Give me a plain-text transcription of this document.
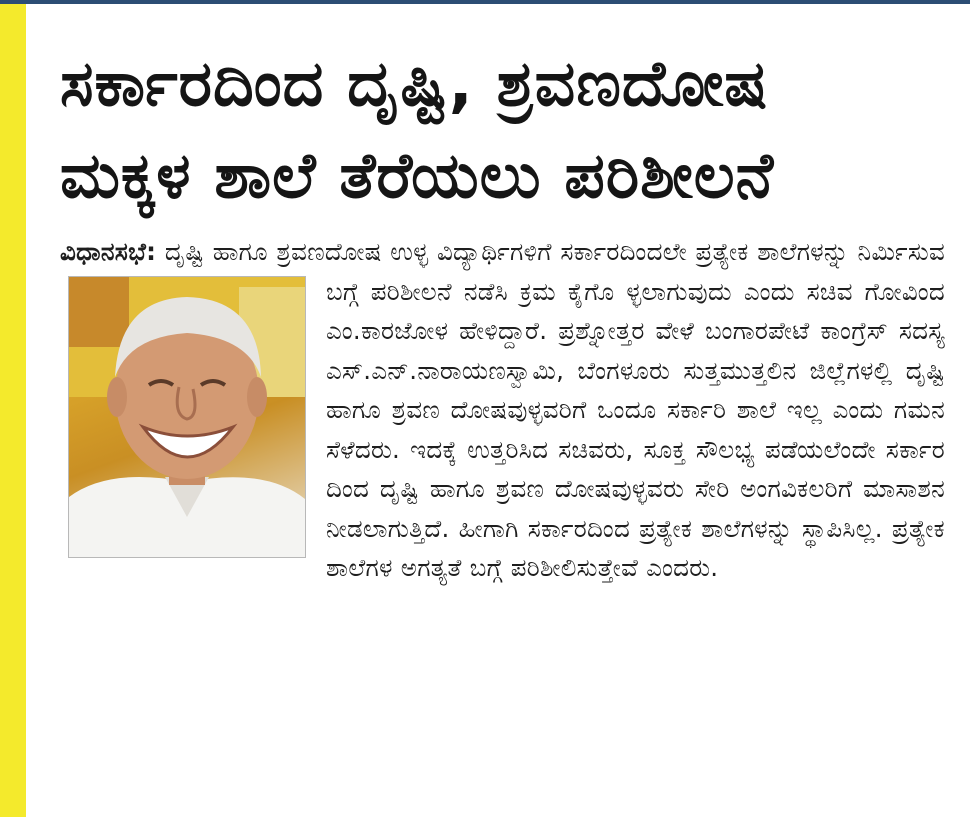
ಸರ್ಕಾರದಿಂದ ದೃಷ್ಟಿ, ಶ್ರವಣದೋಷ
ಮಕ್ಕಳ ಶಾಲೆ ತೆರೆಯಲು ಪರಿಶೀಲನೆ
ವಿಧಾನಸಭೆ: ದೃಷ್ಟಿ ಹಾಗೂ ಶ್ರವಣದೋಷ ಉಳ್ಳ ವಿದ್ಯಾರ್ಥಿಗಳಿಗೆ ಸರ್ಕಾರದಿಂದಲೇ ಪ್ರತ್ಯೇಕ ಶಾಲೆಗಳನ್ನು ನಿರ್ಮಿಸುವ ಬಗ್ಗೆ ಪರಿಶೀಲನೆ ನಡೆಸಿ ಕ್ರಮ ಕೈಗೊ ಳ್ಳಲಾಗುವುದು ಎಂದು ಸಚಿವ ಗೋವಿಂದ ಎಂ.ಕಾರಜೋಳ ಹೇಳಿದ್ದಾರೆ. ಪ್ರಶ್ನೋತ್ತರ ವೇಳೆ ಬಂಗಾರಪೇಟೆ ಕಾಂಗ್ರೆಸ್ ಸದಸ್ಯ ಎಸ್.ಎನ್.ನಾರಾಯಣಸ್ವಾಮಿ, ಬೆಂಗಳೂರು ಸುತ್ತಮುತ್ತಲಿನ ಜಿಲ್ಲೆಗಳಲ್ಲಿ ದೃಷ್ಟಿ ಹಾಗೂ ಶ್ರವಣ ದೋಷವುಳ್ಳವರಿಗೆ ಒಂದೂ ಸರ್ಕಾರಿ ಶಾಲೆ ಇಲ್ಲ ಎಂದು ಗಮನ ಸೆಳೆದರು. ಇದಕ್ಕೆ ಉತ್ತರಿಸಿದ ಸಚಿವರು, ಸೂಕ್ತ ಸೌಲಭ್ಯ ಪಡೆಯಲೆಂದೇ ಸರ್ಕಾರ ದಿಂದ ದೃಷ್ಟಿ ಹಾಗೂ ಶ್ರವಣ ದೋಷವುಳ್ಳವರು ಸೇರಿ ಅಂಗವಿಕಲರಿಗೆ ಮಾಸಾಶನ ನೀಡಲಾಗುತ್ತಿದೆ. ಹೀಗಾಗಿ ಸರ್ಕಾರದಿಂದ ಪ್ರತ್ಯೇಕ ಶಾಲೆಗಳನ್ನು ಸ್ಥಾಪಿಸಿಲ್ಲ. ಪ್ರತ್ಯೇಕ ಶಾಲೆಗಳ ಅಗತ್ಯತೆ ಬಗ್ಗೆ ಪರಿಶೀಲಿಸುತ್ತೇವೆ ಎಂದರು.
